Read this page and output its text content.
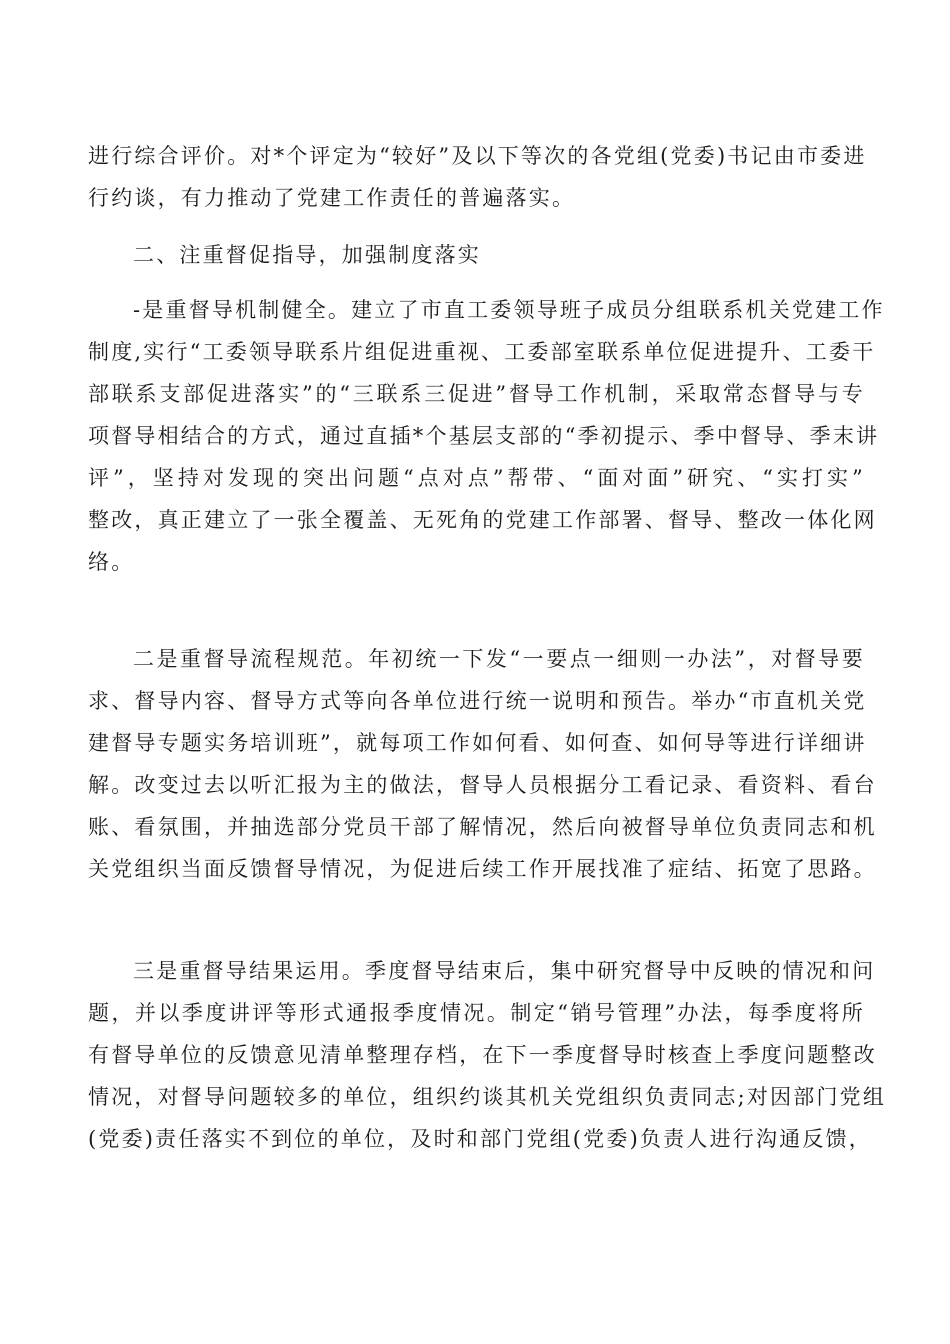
进行综合评价。对*个评定为“较好”及以下等次的各党组(党委)书记由市委进
行约谈，有力推动了党建工作责任的普遍落实。
二、注重督促指导，加强制度落实
-是重督导机制健全。建立了市直工委领导班子成员分组联系机关党建工作
制度,实行“工委领导联系片组促进重视、工委部室联系单位促进提升、工委干
部联系支部促进落实”的“三联系三促进”督导工作机制，采取常态督导与专
项督导相结合的方式，通过直插*个基层支部的“季初提示、季中督导、季末讲
评”，坚持对发现的突出问题“点对点”帮带、“面对面”研究、“实打实”
整改，真正建立了一张全覆盖、无死角的党建工作部署、督导、整改一体化网
络。
二是重督导流程规范。年初统一下发“一要点一细则一办法”，对督导要
求、督导内容、督导方式等向各单位进行统一说明和预告。举办“市直机关党
建督导专题实务培训班”，就每项工作如何看、如何查、如何导等进行详细讲
解。改变过去以听汇报为主的做法，督导人员根据分工看记录、看资料、看台
账、看氛围，并抽选部分党员干部了解情况，然后向被督导单位负责同志和机
关党组织当面反馈督导情况，为促进后续工作开展找准了症结、拓宽了思路。
三是重督导结果运用。季度督导结束后，集中研究督导中反映的情况和问
题，并以季度讲评等形式通报季度情况。制定“销号管理”办法，每季度将所
有督导单位的反馈意见清单整理存档，在下一季度督导时核查上季度问题整改
情况，对督导问题较多的单位，组织约谈其机关党组织负责同志;对因部门党组
(党委)责任落实不到位的单位，及时和部门党组(党委)负责人进行沟通反馈，
